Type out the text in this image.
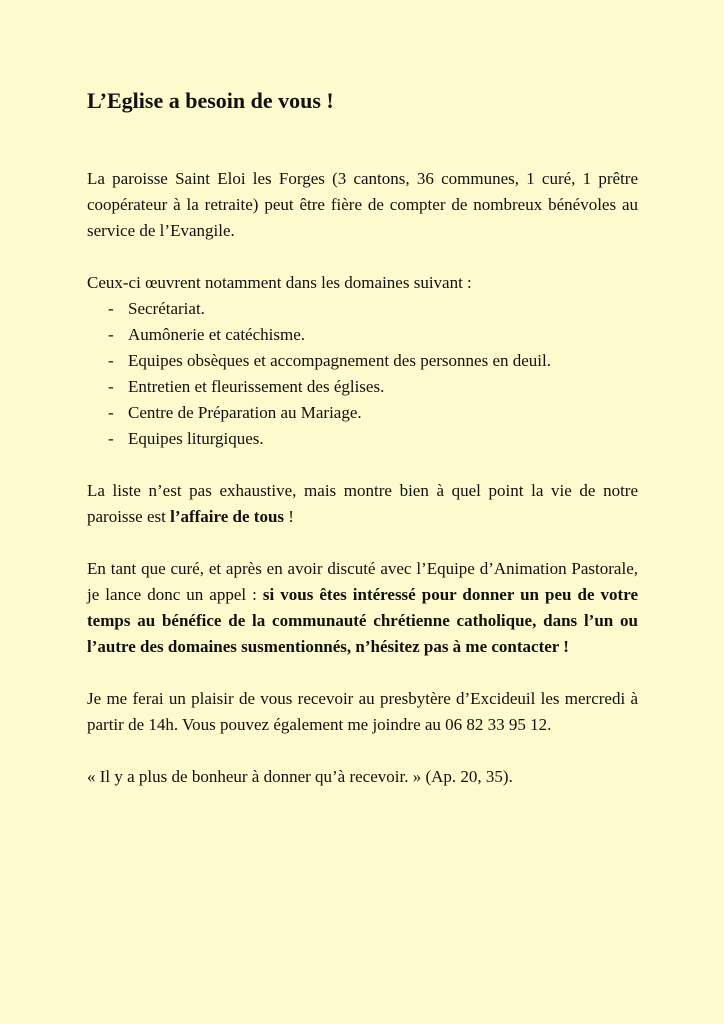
L’Eglise a besoin de vous !

La paroisse Saint Eloi les Forges (3 cantons, 36 communes, 1 curé, 1 prêtre coopérateur à la retraite) peut être fière de compter de nombreux bénévoles au service de l’Evangile.

Ceux-ci œuvrent notamment dans les domaines suivant :

- Secrétariat.
- Aumônerie et catéchisme.
- Equipes obsèques et accompagnement des personnes en deuil.
- Entretien et fleurissement des églises.
- Centre de Préparation au Mariage.
- Equipes liturgiques.

La liste n’est pas exhaustive, mais montre bien à quel point la vie de notre paroisse est l’affaire de tous !

En tant que curé, et après en avoir discuté avec l’Equipe d’Animation Pastorale, je lance donc un appel : si vous êtes intéressé pour donner un peu de votre temps au bénéfice de la communauté chrétienne catholique, dans l’un ou l’autre des domaines susmentionnés, n’hésitez pas à me contacter !

Je me ferai un plaisir de vous recevoir au presbytère d’Excideuil les mercredi à partir de 14h. Vous pouvez également me joindre au 06 82 33 95 12.

« Il y a plus de bonheur à donner qu’à recevoir. » (Ap. 20, 35).
